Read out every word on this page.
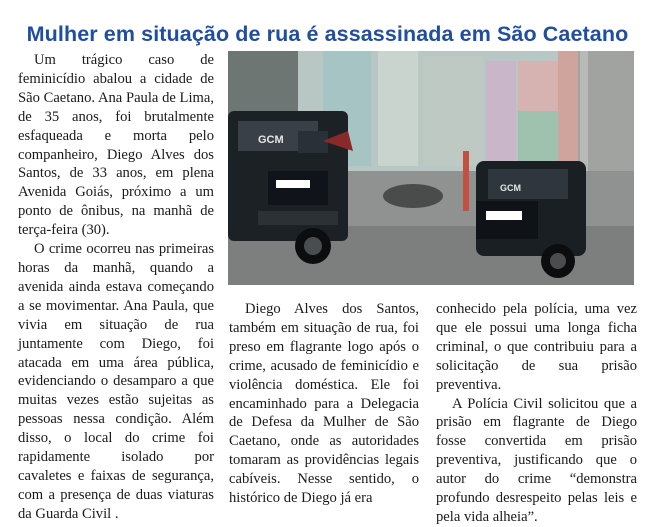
Mulher em situação de rua é assassinada em São Caetano

Um trágico caso de feminicídio abalou a cidade de São Caetano. Ana Paula de Lima, de 35 anos, foi brutalmente esfaqueada e morta pelo companheiro, Diego Alves dos Santos, de 33 anos, em plena Avenida Goiás, próximo a um ponto de ônibus, na manhã de terça-feira (30).

O crime ocorreu nas primeiras horas da manhã, quando a avenida ainda estava começando a se movimentar. Ana Paula, que vivia em situação de rua juntamente com Diego, foi atacada em uma área pública, evidenciando o desamparo a que muitas vezes estão sujeitas as pessoas nessa condição. Além disso, o local do crime foi rapidamente isolado por cavaletes e faixas de segurança, com a presença de duas viaturas da Guarda Civil .

GCM
GCM

Diego Alves dos Santos, também em situação de rua, foi preso em flagrante logo após o crime, acusado de feminicídio e violência doméstica. Ele foi encaminhado para a Delegacia de Defesa da Mulher de São Caetano, onde as autoridades tomaram as providências legais cabíveis. Nesse sentido, o histórico de Diego já era

conhecido pela polícia, uma vez que ele possui uma longa ficha criminal, o que contribuiu para a solicitação de sua prisão preventiva.

A Polícia Civil solicitou que a prisão em flagrante de Diego fosse convertida em prisão preventiva, justificando que o autor do crime “demonstra profundo desrespeito pelas leis e pela vida alheia”.
